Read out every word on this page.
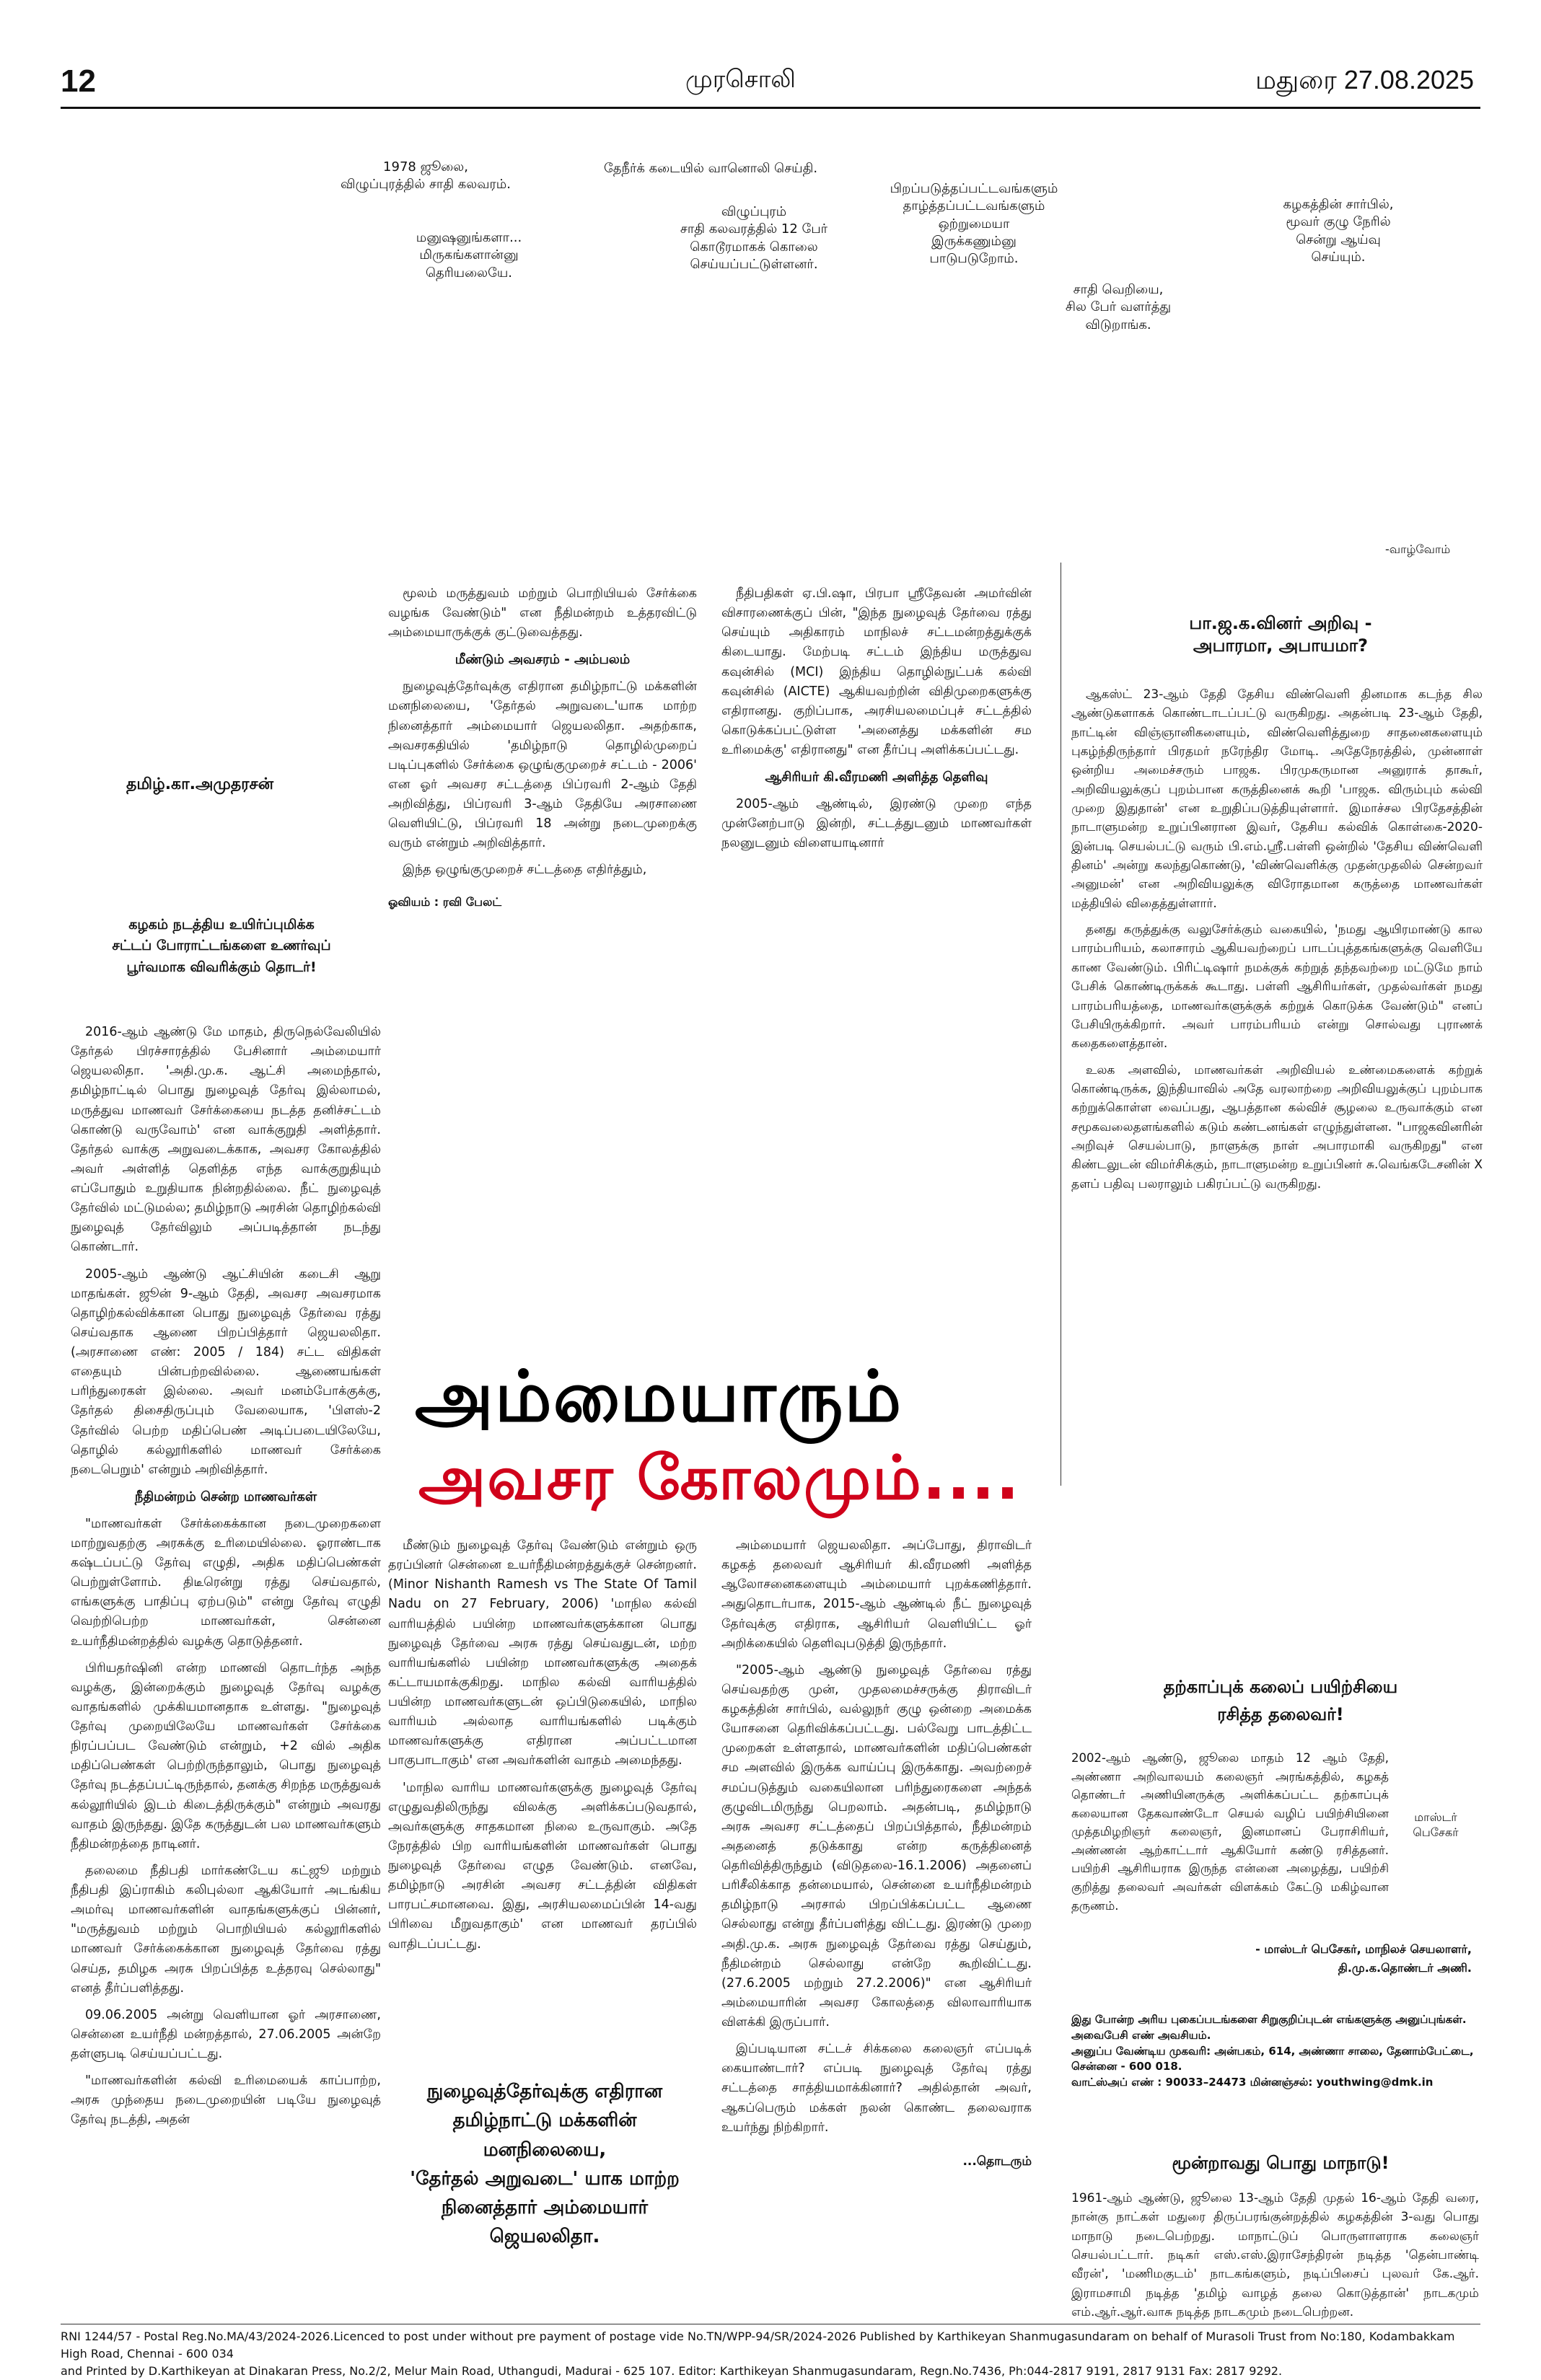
12	முரசொலி	மதுரை 27.08.2025
1978 ஜூலை,
விழுப்புரத்தில் சாதி கலவரம்.
மனுஷனுங்களா...
மிருகங்களான்னு
தெரியலையே.
தேநீர்க் கடையில் வானொலி செய்தி.
விழுப்புரம்
சாதி கலவரத்தில் 12 பேர்
கொடூரமாகக் கொலை
செய்யப்பட்டுள்ளனர்.
பிறப்படுத்தப்பட்டவங்களும்
தாழ்த்தப்பட்டவங்களும்
ஒற்றுமையா
இருக்கணும்னு
பாடுபடுறோம்.
சாதி வெறியை,
சில பேர் வளர்த்து
விடுறாங்க.
கழகத்தின் சார்பில்,
மூவர் குழு நேரில்
சென்று ஆய்வு
செய்யும்.
-வாழ்வோம்
தமிழ்.கா.அமுதரசன்
கழகம் நடத்திய உயிர்ப்புமிக்க
சட்டப் போராட்டங்களை உணர்வுப்
பூர்வமாக விவரிக்கும் தொடர்!

2016-ஆம் ஆண்டு மே மாதம், திருநெல்வேலியில் தேர்தல் பிரச்சாரத்தில் பேசினார் அம்மையார் ஜெயலலிதா. 'அதி.மு.க. ஆட்சி அமைந்தால், தமிழ்நாட்டில் பொது நுழைவுத் தேர்வு இல்லாமல், மருத்துவ மாணவர் சேர்க்கையை நடத்த தனிச்சட்டம் கொண்டு வருவோம்' என வாக்குறுதி அளித்தார். தேர்தல் வாக்கு அறுவடைக்காக, அவசர கோலத்தில் அவர் அள்ளித் தெளித்த எந்த வாக்குறுதியும் எப்போதும் உறுதியாக நின்றதில்லை. நீட் நுழைவுத் தேர்வில் மட்டுமல்ல; தமிழ்நாடு அரசின் தொழிற்கல்வி நுழைவுத் தேர்விலும் அப்படித்தான் நடந்து கொண்டார்.

2005-ஆம் ஆண்டு ஆட்சியின் கடைசி ஆறு மாதங்கள். ஜூன் 9-ஆம் தேதி, அவசர அவசரமாக தொழிற்கல்விக்கான பொது நுழைவுத் தேர்வை ரத்து செய்வதாக ஆணை பிறப்பித்தார் ஜெயலலிதா. (அரசாணை எண்: 2005 / 184) சட்ட விதிகள் எதையும் பின்பற்றவில்லை. ஆணையங்கள் பரிந்துரைகள் இல்லை. அவர் மனம்போக்குக்கு, தேர்தல் திசைதிருப்பும் வேலையாக, 'பிளஸ்-2 தேர்வில் பெற்ற மதிப்பெண் அடிப்படையிலேயே, தொழில் கல்லூரிகளில் மாணவர் சேர்க்கை நடைபெறும்' என்றும் அறிவித்தார்.

நீதிமன்றம் சென்ற மாணவர்கள்

"மாணவர்கள் சேர்க்கைக்கான நடைமுறைகளை மாற்றுவதற்கு அரசுக்கு உரிமையில்லை. ஓராண்டாக கஷ்டப்பட்டு தேர்வு எழுதி, அதிக மதிப்பெண்கள் பெற்றுள்ளோம். திடீரென்று ரத்து செய்வதால், எங்களுக்கு பாதிப்பு ஏற்படும்" என்று தேர்வு எழுதி வெற்றிபெற்ற மாணவர்கள், சென்னை உயர்நீதிமன்றத்தில் வழக்கு தொடுத்தனர்.

பிரியதர்ஷினி என்ற மாணவி தொடர்ந்த அந்த வழக்கு, இன்றைக்கும் நுழைவுத் தேர்வு வழக்கு வாதங்களில் முக்கியமானதாக உள்ளது. "நுழைவுத் தேர்வு முறையிலேயே மாணவர்கள் சேர்க்கை நிரப்பப்பட வேண்டும் என்றும், +2 வில் அதிக மதிப்பெண்கள் பெற்றிருந்தாலும், பொது நுழைவுத் தேர்வு நடத்தப்பட்டிருந்தால், தனக்கு சிறந்த மருத்துவக் கல்லூரியில் இடம் கிடைத்திருக்கும்" என்றும் அவரது வாதம் இருந்தது. இதே கருத்துடன் பல மாணவர்களும் நீதிமன்றத்தை நாடினர்.

தலைமை நீதிபதி மார்கண்டேய கட்ஜூ மற்றும் நீதிபதி இப்ராகிம் கலிபுல்லா ஆகியோர் அடங்கிய அமர்வு மாணவர்களின் வாதங்களுக்குப் பின்னர், "மருத்துவம் மற்றும் பொறியியல் கல்லூரிகளில் மாணவர் சேர்க்கைக்கான நுழைவுத் தேர்வை ரத்து செய்த, தமிழக அரசு பிறப்பித்த உத்தரவு செல்லாது" எனத் தீர்ப்பளித்தது.

09.06.2005 அன்று வெளியான ஓர் அரசாணை, சென்னை உயர்நீதி மன்றத்தால், 27.06.2005 அன்றே தள்ளுபடி செய்யப்பட்டது.

"மாணவர்களின் கல்வி உரிமையைக் காப்பாற்ற, அரசு முந்தைய நடைமுறையின் படியே நுழைவுத் தேர்வு நடத்தி, அதன்

மூலம் மருத்துவம் மற்றும் பொறியியல் சேர்க்கை வழங்க வேண்டும்" என நீதிமன்றம் உத்தரவிட்டு அம்மையாருக்குக் குட்டுவைத்தது.

மீண்டும் அவசரம் - அம்பலம்

நுழைவுத்தேர்வுக்கு எதிரான தமிழ்நாட்டு மக்களின் மனநிலையை, 'தேர்தல் அறுவடை'யாக மாற்ற நினைத்தார் அம்மையார் ஜெயலலிதா. அதற்காக, அவசரகதியில் 'தமிழ்நாடு தொழில்முறைப் படிப்புகளில் சேர்க்கை ஒழுங்குமுறைச் சட்டம் - 2006' என ஓர் அவசர சட்டத்தை பிப்ரவரி 2-ஆம் தேதி அறிவித்து, பிப்ரவரி 3-ஆம் தேதியே அரசாணை வெளியிட்டு, பிப்ரவரி 18 அன்று நடைமுறைக்கு வரும் என்றும் அறிவித்தார்.

இந்த ஒழுங்குமுறைச் சட்டத்தை எதிர்த்தும்,

ஓவியம் : ரவி பேலட்

நீதிபதிகள் ஏ.பி.ஷா, பிரபா ஸ்ரீதேவன் அமர்வின் விசாரணைக்குப் பின், "இந்த நுழைவுத் தேர்வை ரத்து செய்யும் அதிகாரம் மாநிலச் சட்டமன்றத்துக்குக் கிடையாது. மேற்படி சட்டம் இந்திய மருத்துவ கவுன்சில் (MCI) இந்திய தொழில்நுட்பக் கல்வி கவுன்சில் (AICTE) ஆகியவற்றின் விதிமுறைகளுக்கு எதிரானது. குறிப்பாக, அரசியலமைப்புச் சட்டத்தில் கொடுக்கப்பட்டுள்ள 'அனைத்து மக்களின் சம உரிமைக்கு' எதிரானது" என தீர்ப்பு அளிக்கப்பட்டது.

ஆசிரியர் கி.வீரமணி அளித்த தெளிவு

2005-ஆம் ஆண்டில், இரண்டு முறை எந்த முன்னேற்பாடு இன்றி, சட்டத்துடனும் மாணவர்கள் நலனுடனும் விளையாடினார்

அம்மையாரும்
அவசர கோலமும்....

மீண்டும் நுழைவுத் தேர்வு வேண்டும் என்றும் ஒரு தரப்பினர் சென்னை உயர்நீதிமன்றத்துக்குச் சென்றனர். (Minor Nishanth Ramesh vs The State Of Tamil Nadu on 27 February, 2006) 'மாநில கல்வி வாரியத்தில் பயின்ற மாணவர்களுக்கான பொது நுழைவுத் தேர்வை அரசு ரத்து செய்வதுடன், மற்ற வாரியங்களில் பயின்ற மாணவர்களுக்கு அதைக் கட்டாயமாக்குகிறது. மாநில கல்வி வாரியத்தில் பயின்ற மாணவர்களுடன் ஒப்பிடுகையில், மாநில வாரியம் அல்லாத வாரியங்களில் படிக்கும் மாணவர்களுக்கு எதிரான அப்பட்டமான பாகுபாடாகும்' என அவர்களின் வாதம் அமைந்தது.

'மாநில வாரிய மாணவர்களுக்கு நுழைவுத் தேர்வு எழுதுவதிலிருந்து விலக்கு அளிக்கப்படுவதால், அவர்களுக்கு சாதகமான நிலை உருவாகும். அதே நேரத்தில் பிற வாரியங்களின் மாணவர்கள் பொது நுழைவுத் தேர்வை எழுத வேண்டும். எனவே, தமிழ்நாடு அரசின் அவசர சட்டத்தின் விதிகள் பாரபட்சமானவை. இது, அரசியலமைப்பின் 14-வது பிரிவை மீறுவதாகும்' என மாணவர் தரப்பில் வாதிடப்பட்டது.

நுழைவுத்தேர்வுக்கு எதிரான
தமிழ்நாட்டு மக்களின் மனநிலையை,
'தேர்தல் அறுவடை' யாக மாற்ற
நினைத்தார் அம்மையார்
ஜெயலலிதா.

அம்மையார் ஜெயலலிதா. அப்போது, திராவிடர் கழகத் தலைவர் ஆசிரியர் கி.வீரமணி அளித்த ஆலோசனைகளையும் அம்மையார் புறக்கணித்தார். அதுதொடர்பாக, 2015-ஆம் ஆண்டில் நீட் நுழைவுத் தேர்வுக்கு எதிராக, ஆசிரியர் வெளியிட்ட ஓர் அறிக்கையில் தெளிவுபடுத்தி இருந்தார்.

"2005-ஆம் ஆண்டு நுழைவுத் தேர்வை ரத்து செய்வதற்கு முன், முதலமைச்சருக்கு திராவிடர் கழகத்தின் சார்பில், வல்லுநர் குழு ஒன்றை அமைக்க யோசனை தெரிவிக்கப்பட்டது. பல்வேறு பாடத்திட்ட முறைகள் உள்ளதால், மாணவர்களின் மதிப்பெண்கள் சம அளவில் இருக்க வாய்ப்பு இருக்காது. அவற்றைச் சமப்படுத்தும் வகையிலான பரிந்துரைகளை அந்தக் குழுவிடமிருந்து பெறலாம். அதன்படி, தமிழ்நாடு அரசு அவசர சட்டத்தைப் பிறப்பித்தால், நீதிமன்றம் அதனைத் தடுக்காது என்ற கருத்தினைத் தெரிவித்திருந்தும் (விடுதலை-16.1.2006) அதனைப் பரிசீலிக்காத தன்மையால், சென்னை உயர்நீதிமன்றம் தமிழ்நாடு அரசால் பிறப்பிக்கப்பட்ட ஆணை செல்லாது என்று தீர்ப்பளித்து விட்டது. இரண்டு முறை அதி.மு.க. அரசு நுழைவுத் தேர்வை ரத்து செய்தும், நீதிமன்றம் செல்லாது என்றே கூறிவிட்டது. (27.6.2005 மற்றும் 27.2.2006)" என ஆசிரியர் அம்மையாரின் அவசர கோலத்தை விலாவாரியாக விளக்கி இருப்பார்.

இப்படியான சட்டச் சிக்கலை கலைஞர் எப்படிக் கையாண்டார்? எப்படி நுழைவுத் தேர்வு ரத்து சட்டத்தை சாத்தியமாக்கினார்? அதில்தான் அவர், ஆகப்பெரும் மக்கள் நலன் கொண்ட தலைவராக உயர்ந்து நிற்கிறார்.

...தொடரும்
பா.ஜ.க.வினர் அறிவு -
அபாரமா, அபாயமா?

ஆகஸ்ட் 23-ஆம் தேதி தேசிய விண்வெளி தினமாக கடந்த சில ஆண்டுகளாகக் கொண்டாடப்பட்டு வருகிறது. அதன்படி 23-ஆம் தேதி, நாட்டின் விஞ்ஞானிகளையும், விண்வெளித்துறை சாதனைகளையும் புகழ்ந்திருந்தார் பிரதமர் நரேந்திர மோடி. அதேநேரத்தில், முன்னாள் ஒன்றிய அமைச்சரும் பாஜக. பிரமுகருமான அனுராக் தாகூர், அறிவியலுக்குப் புறம்பான கருத்தினைக் கூறி 'பாஜக. விரும்பும் கல்வி முறை இதுதான்' என உறுதிப்படுத்தியுள்ளார். இமாச்சல பிரதேசத்தின் நாடாளுமன்ற உறுப்பினரான இவர், தேசிய கல்விக் கொள்கை-2020-இன்படி செயல்பட்டு வரும் பி.எம்.ஸ்ரீ.பள்ளி ஒன்றில் 'தேசிய விண்வெளி தினம்' அன்று கலந்துகொண்டு, 'விண்வெளிக்கு முதன்முதலில் சென்றவர் அனுமன்' என அறிவியலுக்கு விரோதமான கருத்தை மாணவர்கள் மத்தியில் விதைத்துள்ளார்.

தனது கருத்துக்கு வலுசேர்க்கும் வகையில், 'நமது ஆயிரமாண்டு கால பாரம்பரியம், கலாசாரம் ஆகியவற்றைப் பாடப்புத்தகங்களுக்கு வெளியே காண வேண்டும். பிரிட்டிஷார் நமக்குக் கற்றுத் தந்தவற்றை மட்டுமே நாம் பேசிக் கொண்டிருக்கக் கூடாது. பள்ளி ஆசிரியர்கள், முதல்வர்கள் நமது பாரம்பரியத்தை, மாணவர்களுக்குக் கற்றுக் கொடுக்க வேண்டும்" எனப் பேசியிருக்கிறார். அவர் பாரம்பரியம் என்று சொல்வது புராணக் கதைகளைத்தான்.

உலக அளவில், மாணவர்கள் அறிவியல் உண்மைகளைக் கற்றுக் கொண்டிருக்க, இந்தியாவில் அதே வரலாற்றை அறிவியலுக்குப் புறம்பாக கற்றுக்கொள்ள வைப்பது, ஆபத்தான கல்விச் சூழலை உருவாக்கும் என சமூகவலைதளங்களில் கடும் கண்டனங்கள் எழுந்துள்ளன. "பாஜகவினரின் அறிவுச் செயல்பாடு, நாளுக்கு நாள் அபாரமாகி வருகிறது" என கிண்டலுடன் விமர்சிக்கும், நாடாளுமன்ற உறுப்பினர் சு.வெங்கடேசனின் X தளப் பதிவு பலராலும் பகிரப்பட்டு வருகிறது.

தற்காப்புக் கலைப் பயிற்சியை
ரசித்த தலைவர்!

2002-ஆம் ஆண்டு, ஜூலை மாதம் 12 ஆம் தேதி, அண்ணா அறிவாலயம் கலைஞர் அரங்கத்தில், கழகத் தொண்டர் அணியினருக்கு அளிக்கப்பட்ட தற்காப்புக் கலையான தேகவாண்டோ செயல் வழிப் பயிற்சியினை முத்தமிழறிஞர் கலைஞர், இனமானப் பேராசிரியர், அண்ணன் ஆற்காட்டார் ஆகியோர் கண்டு ரசித்தனர். பயிற்சி ஆசிரியராக இருந்த என்னை அழைத்து, பயிற்சி குறித்து தலைவர் அவர்கள் விளக்கம் கேட்டு மகிழ்வான தருணம்.

மாஸ்டர்
பெசேகர்
- மாஸ்டர் பெசேகர், மாநிலச் செயலாளர்,
தி.மு.க.தொண்டர் அணி.
இது போன்ற அரிய புகைப்படங்களை சிறுகுறிப்புடன் எங்களுக்கு அனுப்புங்கள். அவைபேசி எண் அவசியம்.
அனுப்ப வேண்டிய முகவரி: அன்பகம், 614, அண்ணா சாலை, தேனாம்பேட்டை, சென்னை - 600 018.
வாட்ஸ்அப் எண் : 90033–24473 மின்னஞ்சல்: youthwing@dmk.in
மூன்றாவது பொது மாநாடு!

1961-ஆம் ஆண்டு, ஜூலை 13-ஆம் தேதி முதல் 16-ஆம் தேதி வரை, நான்கு நாட்கள் மதுரை திருப்பரங்குன்றத்தில் கழகத்தின் 3-வது பொது மாநாடு நடைபெற்றது. மாநாட்டுப் பொருளாளராக கலைஞர் செயல்பட்டார். நடிகர் எஸ்.எஸ்.இராசேந்திரன் நடித்த 'தென்பாண்டி வீரன்', 'மணிமகுடம்' நாடகங்களும், நடிப்பிசைப் புலவர் கே.ஆர். இராமசாமி நடித்த 'தமிழ் வாழத் தலை கொடுத்தான்' நாடகமும் எம்.ஆர்.ஆர்.வாசு நடித்த நாடகமும் நடைபெற்றன.

RNI 1244/57 - Postal Reg.No.MA/43/2024-2026.Licenced to post under without pre payment of postage vide No.TN/WPP-94/SR/2024-2026 Published by Karthikeyan Shanmugasundaram on behalf of Murasoli Trust from No:180, Kodambakkam High Road, Chennai - 600 034
and Printed by D.Karthikeyan at Dinakaran Press, No.2/2, Melur Main Road, Uthangudi, Madurai - 625 107. Editor: Karthikeyan Shanmugasundaram, Regn.No.7436, Ph:044-2817 9191, 2817 9131 Fax: 2817 9292.
